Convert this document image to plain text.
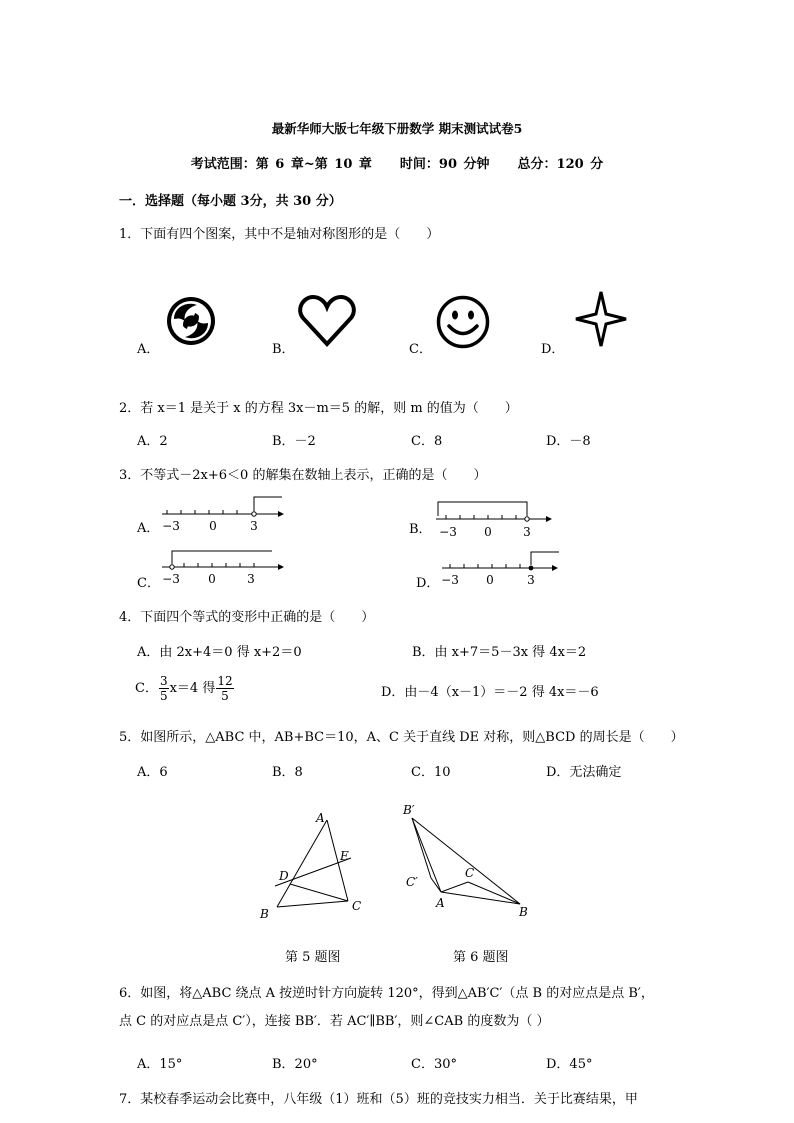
最新华师大版七年级下册数学 期末测试试卷5
考试范围：第 6 章~第 10 章 时间：90 分钟 总分：120 分
一．选择题（每小题 3分，共 30 分）
1．下面有四个图案，其中不是轴对称图形的是（　　）
A．	B．	C．	D．
2．若 x＝1 是关于 x 的方程 3x－m＝5 的解，则 m 的值为（　　）
A．2	B．－2	C．8	D．－8
3．不等式－2x+6＜0 的解集在数轴上表示，正确的是（　　）
A．	B．
C．	D．
−3 0	3	−3 0	3
−3 0	3	−3 0	3
4．下面四个等式的变形中正确的是（　　）
A．由 2x+4＝0 得 x+2＝0	B．由 x+7＝5－3x 得 4x＝2
C． $\frac{3}{5} x=4$ 得 $\frac{12}{5}$	D．由－4（x－1）＝－2 得 4x＝－6
5．如图所示，△ABC 中，AB+BC＝10，A、C 关于直线 DE 对称，则△BCD 的周长是（　　）
A．6	B．8	C．10	D．无法确定
A
E
D
B
C
B′
C′
C
A
B
第 5 题图	第 6 题图
6．如图，将△ABC 绕点 A 按逆时针方向旋转 120°，得到△AB′C′（点 B 的对应点是点 B′，
点 C 的对应点是点 C′），连接 BB′．若 AC′∥BB′，则∠CAB 的度数为（ ）
A．15°	B．20°	C．30°	D．45°
7．某校春季运动会比赛中，八年级（1）班和（5）班的竞技实力相当．关于比赛结果，甲
